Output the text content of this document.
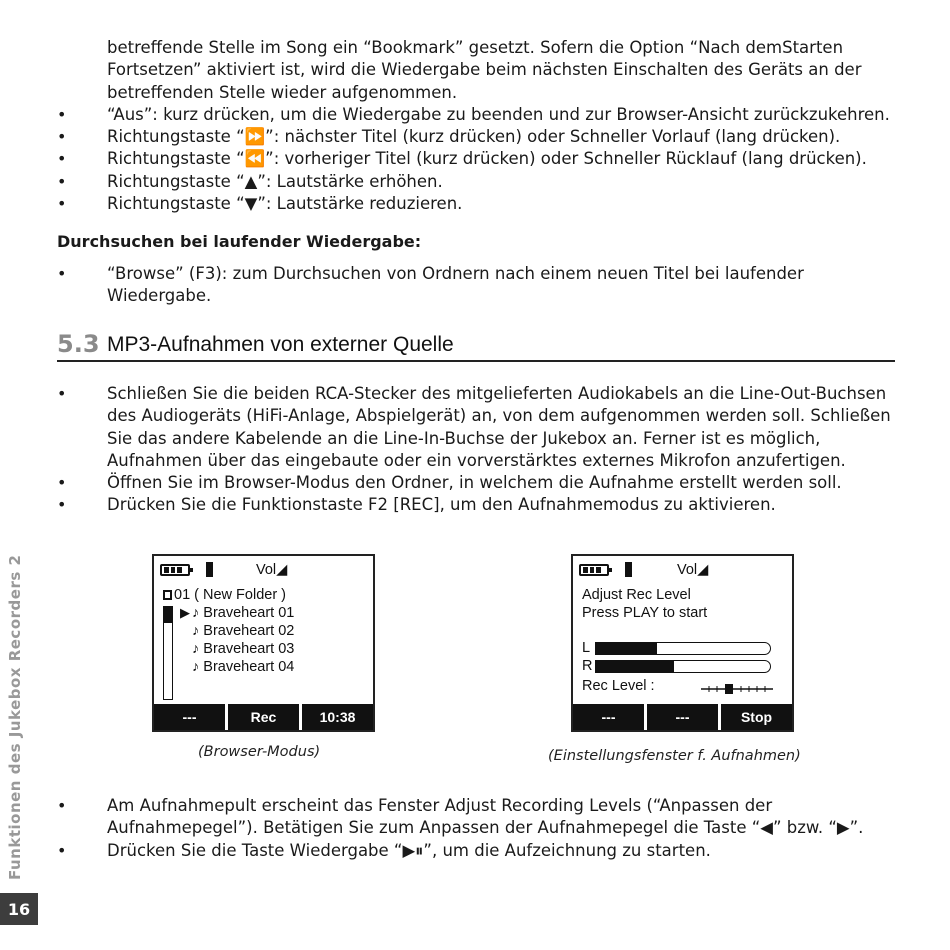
betreffende Stelle im Song ein “Bookmark” gesetzt. Sofern die Option “Nach demStarten
Fortsetzen” aktiviert ist, wird die Wiedergabe beim nächsten Einschalten des Geräts an der
betreffenden Stelle wieder aufgenommen.
• “Aus”: kurz drücken, um die Wiedergabe zu beenden und zur Browser-Ansicht zurückzukehren.
• Richtungstaste “⏩”: nächster Titel (kurz drücken) oder Schneller Vorlauf (lang drücken).
• Richtungstaste “⏪”: vorheriger Titel (kurz drücken) oder Schneller Rücklauf (lang drücken).
• Richtungstaste “▲”: Lautstärke erhöhen.
• Richtungstaste “▼”: Lautstärke reduzieren.
Durchsuchen bei laufender Wiedergabe:
• “Browse” (F3): zum Durchsuchen von Ordnern nach einem neuen Titel bei laufender
Wiedergabe.
5.3 MP3-Aufnahmen von externer Quelle
• Schließen Sie die beiden RCA-Stecker des mitgelieferten Audiokabels an die Line-Out-Buchsen
des Audiogeräts (HiFi-Anlage, Abspielgerät) an, von dem aufgenommen werden soll. Schließen
Sie das andere Kabelende an die Line-In-Buchse der Jukebox an. Ferner ist es möglich,
Aufnahmen über das eingebaute oder ein vorverstärktes externes Mikrofon anzufertigen.
• Öffnen Sie im Browser-Modus den Ordner, in welchem die Aufnahme erstellt werden soll.
• Drücken Sie die Funktionstaste F2 [REC], um den Aufnahmemodus zu aktivieren.
Vol◢
01 ( New Folder )
▶ ♪ Braveheart 01
♪ Braveheart 02
♪ Braveheart 03
♪ Braveheart 04
---	Rec	10:38
(Browser-Modus)
Vol◢
Adjust Rec Level
Press PLAY to start
L
R
Rec Level :
---	---	Stop
(Einstellungsfenster f. Aufnahmen)
• Am Aufnahmepult erscheint das Fenster Adjust Recording Levels (“Anpassen der
Aufnahmepegel”). Betätigen Sie zum Anpassen der Aufnahmepegel die Taste “◀” bzw. “▶”.
• Drücken Sie die Taste Wiedergabe “▶⏸”, um die Aufzeichnung zu starten.
Funktionen des Jukebox Recorders 2
16
